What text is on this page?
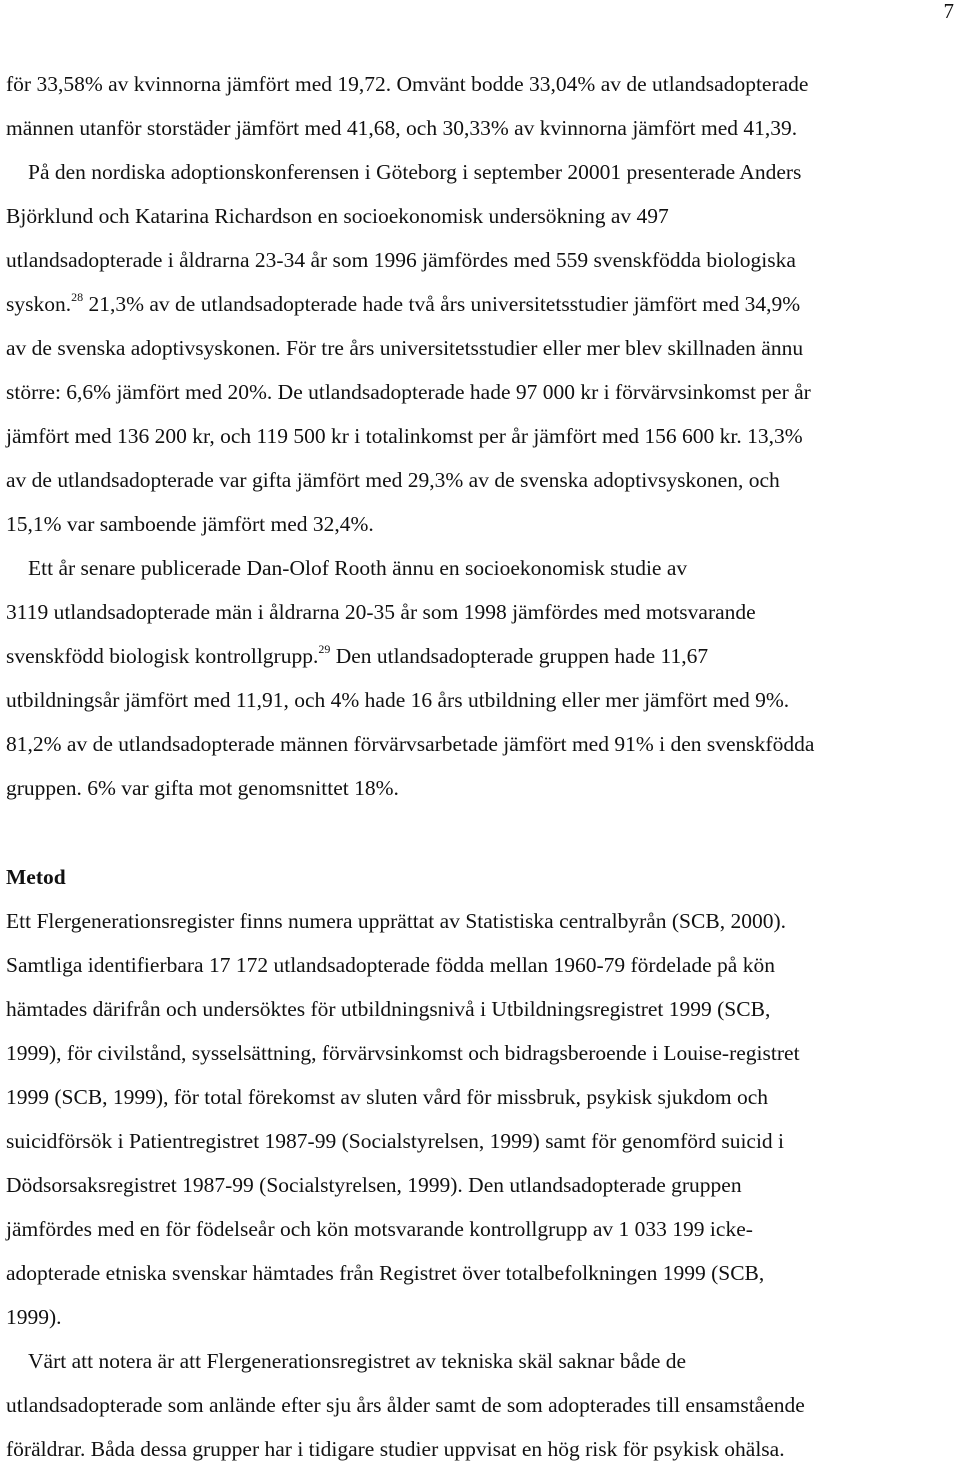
7
för 33,58% av kvinnorna jämfört med 19,72. Omvänt bodde 33,04% av de utlandsadopterade
männen utanför storstäder jämfört med 41,68, och 30,33% av kvinnorna jämfört med 41,39.
På den nordiska adoptionskonferensen i Göteborg i september 20001 presenterade Anders
Björklund och Katarina Richardson en socioekonomisk undersökning av 497
utlandsadopterade i åldrarna 23-34 år som 1996 jämfördes med 559 svenskfödda biologiska
syskon.$^{28}$ 21,3% av de utlandsadopterade hade två års universitetsstudier jämfört med 34,9%
av de svenska adoptivsyskonen. För tre års universitetsstudier eller mer blev skillnaden ännu
större: 6,6% jämfört med 20%. De utlandsadopterade hade 97 000 kr i förvärvsinkomst per år
jämfört med 136 200 kr, och 119 500 kr i totalinkomst per år jämfört med 156 600 kr. 13,3%
av de utlandsadopterade var gifta jämfört med 29,3% av de svenska adoptivsyskonen, och
15,1% var samboende jämfört med 32,4%.
Ett år senare publicerade Dan-Olof Rooth ännu en socioekonomisk studie av
3119 utlandsadopterade män i åldrarna 20-35 år som 1998 jämfördes med motsvarande
svenskfödd biologisk kontrollgrupp.$^{29}$ Den utlandsadopterade gruppen hade 11,67
utbildningsår jämfört med 11,91, och 4% hade 16 års utbildning eller mer jämfört med 9%.
81,2% av de utlandsadopterade männen förvärvsarbetade jämfört med 91% i den svenskfödda
gruppen. 6% var gifta mot genomsnittet 18%.
Metod
Ett Flergenerationsregister finns numera upprättat av Statistiska centralbyrån (SCB, 2000).
Samtliga identifierbara 17 172 utlandsadopterade födda mellan 1960-79 fördelade på kön
hämtades därifrån och undersöktes för utbildningsnivå i Utbildningsregistret 1999 (SCB,
1999), för civilstånd, sysselsättning, förvärvsinkomst och bidragsberoende i Louise-registret
1999 (SCB, 1999), för total förekomst av sluten vård för missbruk, psykisk sjukdom och
suicidförsök i Patientregistret 1987-99 (Socialstyrelsen, 1999) samt för genomförd suicid i
Dödsorsaksregistret 1987-99 (Socialstyrelsen, 1999). Den utlandsadopterade gruppen
jämfördes med en för födelseår och kön motsvarande kontrollgrupp av 1 033 199 icke-
adopterade etniska svenskar hämtades från Registret över totalbefolkningen 1999 (SCB,
1999).
Värt att notera är att Flergenerationsregistret av tekniska skäl saknar både de
utlandsadopterade som anlände efter sju års ålder samt de som adopterades till ensamstående
föräldrar. Båda dessa grupper har i tidigare studier uppvisat en hög risk för psykisk ohälsa.
